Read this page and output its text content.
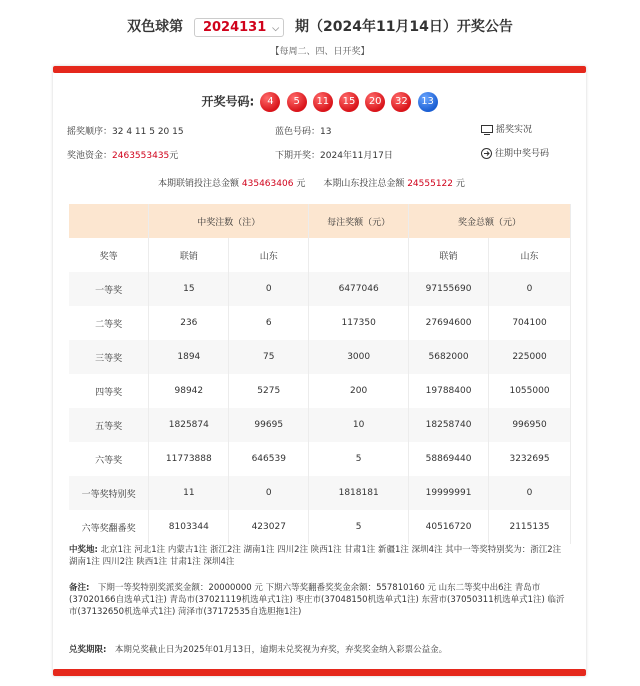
双色球第 2024131 ⌵ 期（2024年11月14日）开奖公告
【每周二、四、日开奖】
开奖号码: 4 5 11 15 20 32 13
摇奖顺序：32 4 11 5 20 15	蓝色号码：13	摇奖实况
奖池资金：2463553435元	下期开奖：2024年11月17日	往期中奖号码
本期联销投注总金额 435463406 元　　本期山东投注总金额 24555122 元
	中奖注数（注）		每注奖额（元）	奖金总额（元）	
奖等	联销	山东		联销	山东
一等奖	15	0	6477046	97155690	0
二等奖	236	6	117350	27694600	704100
三等奖	1894	75	3000	5682000	225000
四等奖	98942	5275	200	19788400	1055000
五等奖	1825874	99695	10	18258740	996950
六等奖	11773888	646539	5	58869440	3232695
一等奖特别奖	11	0	1818181	19999991	0
六等奖翻番奖	8103344	423027	5	40516720	2115135
中奖地: 北京1注 河北1注 内蒙古1注 浙江2注 湖南1注 四川2注 陕西1注 甘肃1注 新疆1注 深圳4注 其中一等奖特别奖为：浙江2注 湖南1注 四川2注 陕西1注 甘肃1注 深圳4注
备注:　下期一等奖特别奖派奖金额：20000000 元 下期六等奖翻番奖奖金余额：557810160 元 山东二等奖中出6注 青岛市(37020166自选单式1注) 青岛市(37021119机选单式1注) 枣庄市(37048150机选单式1注) 东营市(37050311机选单式1注) 临沂市(37132650机选单式1注) 菏泽市(37172535自选胆拖1注)
兑奖期限:　本期兑奖截止日为2025年01月13日，逾期未兑奖视为弃奖，弃奖奖金纳入彩票公益金。
